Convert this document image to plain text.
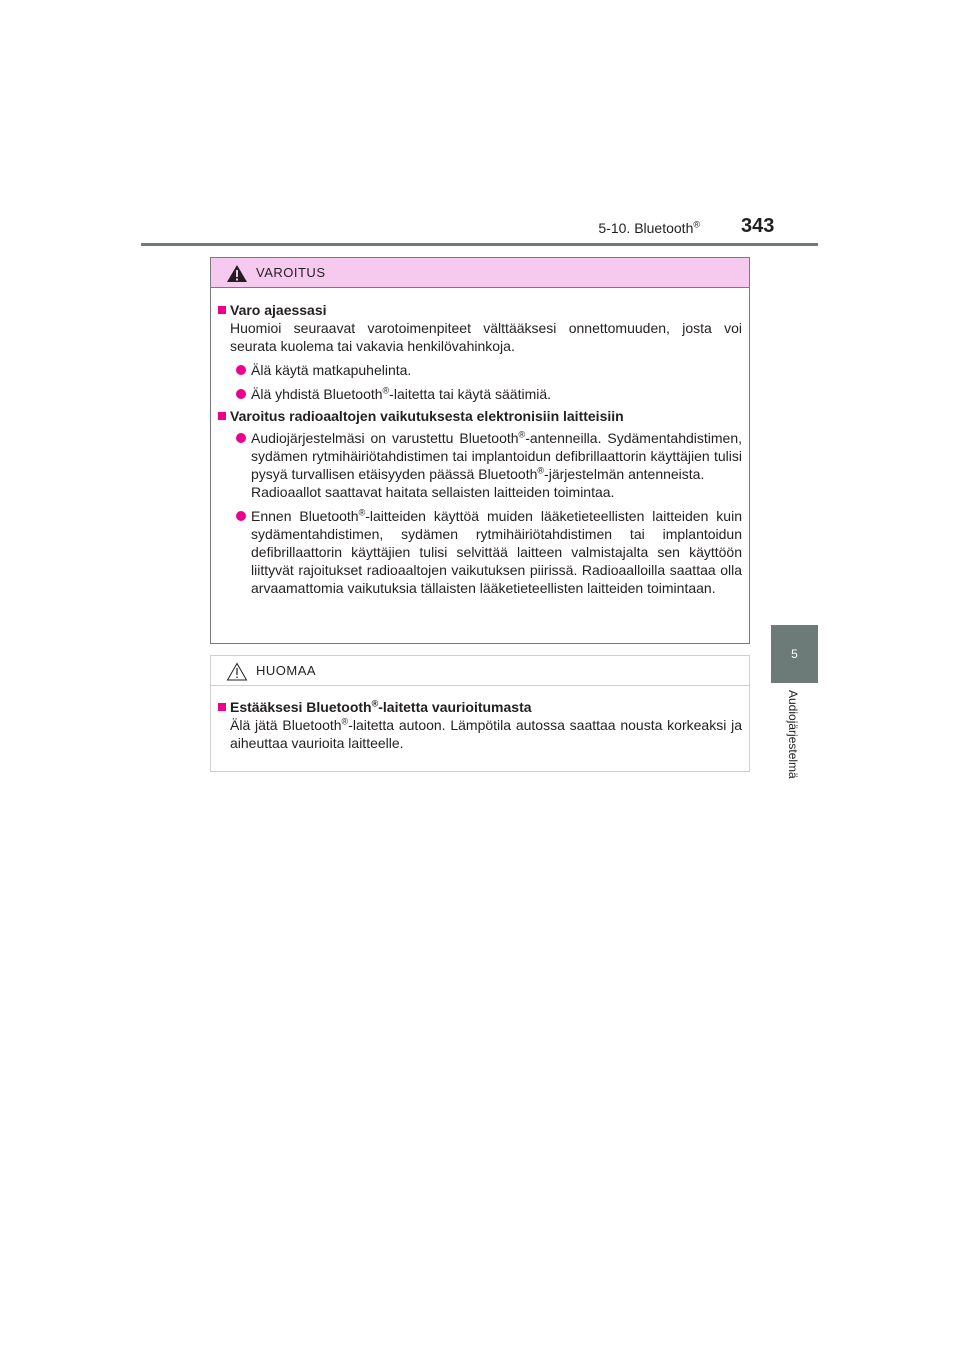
5-10. Bluetooth® 343
5
Audiojärjestelmä
VAROITUS

Varo ajaessasi

Huomioi seuraavat varotoimenpiteet välttääksesi onnettomuuden, josta voi seurata kuolema tai vakavia henkilövahinkoja.

Älä käytä matkapuhelinta.

Älä yhdistä Bluetooth®-laitetta tai käytä säätimiä.

Varoitus radioaaltojen vaikutuksesta elektronisiin laitteisiin

Audiojärjestelmäsi on varustettu Bluetooth®-antenneilla. Sydämentahdistimen, sydämen rytmihäiriötahdistimen tai implantoidun defibrillaattorin käyttäjien tulisi pysyä turvallisen etäisyyden päässä Bluetooth®-järjestelmän antenneista.
Radioaallot saattavat haitata sellaisten laitteiden toimintaa.

Ennen Bluetooth®-laitteiden käyttöä muiden lääketieteellisten laitteiden kuin sydämentahdistimen, sydämen rytmihäiriötahdistimen tai implantoidun defibrillaattorin käyttäjien tulisi selvittää laitteen valmistajalta sen käyttöön liittyvät rajoitukset radioaaltojen vaikutuksen piirissä. Radioaalloilla saattaa olla arvaamattomia vaikutuksia tällaisten lääketieteellisten laitteiden toimintaan.

HUOMAA

Estääksesi Bluetooth®-laitetta vaurioitumasta

Älä jätä Bluetooth®-laitetta autoon. Lämpötila autossa saattaa nousta korkeaksi ja aiheuttaa vaurioita laitteelle.
